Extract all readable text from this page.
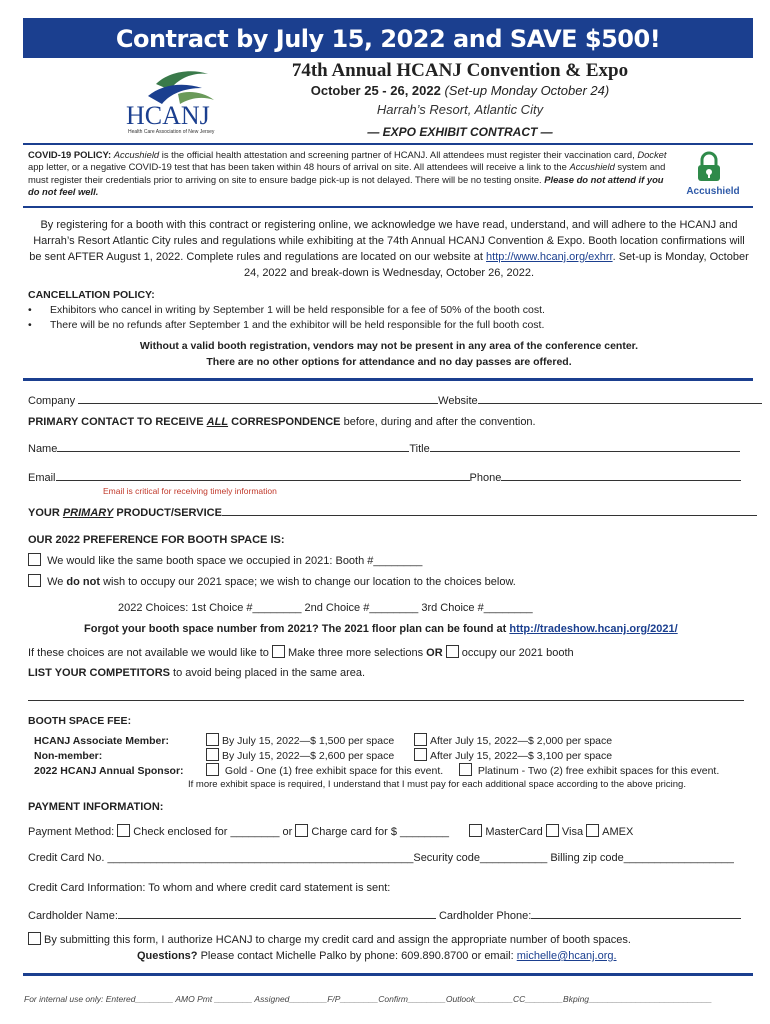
Contract by July 15, 2022 and SAVE $500!
HCANJ
Health Care Association of New Jersey
74th Annual HCANJ Convention & Expo
October 25 - 26, 2022 (Set-up Monday October 24)
Harrah’s Resort, Atlantic City
— EXPO EXHIBIT CONTRACT —
COVID-19 POLICY: Accushield is the official health attestation and screening partner of HCANJ. All attendees must register their vaccination card, Docket app letter, or a negative COVID-19 test that has been taken within 48 hours of arrival on site. All attendees will receive a link to the Accushield system and must register their credentials prior to arriving on site to ensure badge pick-up is not delayed. There will be no testing onsite. Please do not attend if you do not feel well.	Accushield
By registering for a booth with this contract or registering online, we acknowledge we have read, understand, and will adhere to the HCANJ and Harrah’s Resort Atlantic City rules and regulations while exhibiting at the 74th Annual HCANJ Convention & Expo. Booth location confirmations will be sent AFTER August 1, 2022. Complete rules and regulations are located on our website at http://www.hcanj.org/exhrr. Set-up is Monday, October 24, 2022 and break-down is Wednesday, October 26, 2022.
CANCELLATION POLICY:
• Exhibitors who cancel in writing by September 1 will be held responsible for a fee of 50% of the booth cost.
• There will be no refunds after September 1 and the exhibitor will be held responsible for the full booth cost.
Without a valid booth registration, vendors may not be present in any area of the conference center.
There are no other options for attendance and no day passes are offered.
Company	Website
PRIMARY CONTACT TO RECEIVE ALL CORRESPONDENCE before, during and after the convention.
Name	Title
Email	Phone
Email is critical for receiving timely information
YOUR PRIMARY PRODUCT/SERVICE
OUR 2022 PREFERENCE FOR BOOTH SPACE IS:
We would like the same booth space we occupied in 2021: Booth #________
We do not wish to occupy our 2021 space; we wish to change our location to the choices below.
2022 Choices: 1st Choice #________ 2nd Choice #________ 3rd Choice #________
Forgot your booth space number from 2021? The 2021 floor plan can be found at http://tradeshow.hcanj.org/2021/
If these choices are not available we would like to Make three more selections OR occupy our 2021 booth
LIST YOUR COMPETITORS to avoid being placed in the same area.
BOOTH SPACE FEE:
HCANJ Associate Member:	By July 15, 2022—$ 1,500 per space	After July 15, 2022—$ 2,000 per space
Non-member:	By July 15, 2022—$ 2,600 per space	After July 15, 2022—$ 3,100 per space
2022 HCANJ Annual Sponsor:	Gold - One (1) free exhibit space for this event.	Platinum - Two (2) free exhibit spaces for this event.
If more exhibit space is required, I understand that I must pay for each additional space according to the above pricing.
PAYMENT INFORMATION:
Payment Method: Check enclosed for ________ or Charge card for $ ________	MasterCard Visa AMEX
Credit Card No. __________________________________________________Security code___________ Billing zip code__________________
Credit Card Information: To whom and where credit card statement is sent:
Cardholder Name:	Cardholder Phone:
By submitting this form, I authorize HCANJ to charge my credit card and assign the appropriate number of booth spaces.
Questions? Please contact Michelle Palko by phone: 609.890.8700 or email: michelle@hcanj.org.
For internal use only: Entered________ AMO Pmt ________ Assigned________F/P________Confirm________Outlook________CC________Bkping__________________________
